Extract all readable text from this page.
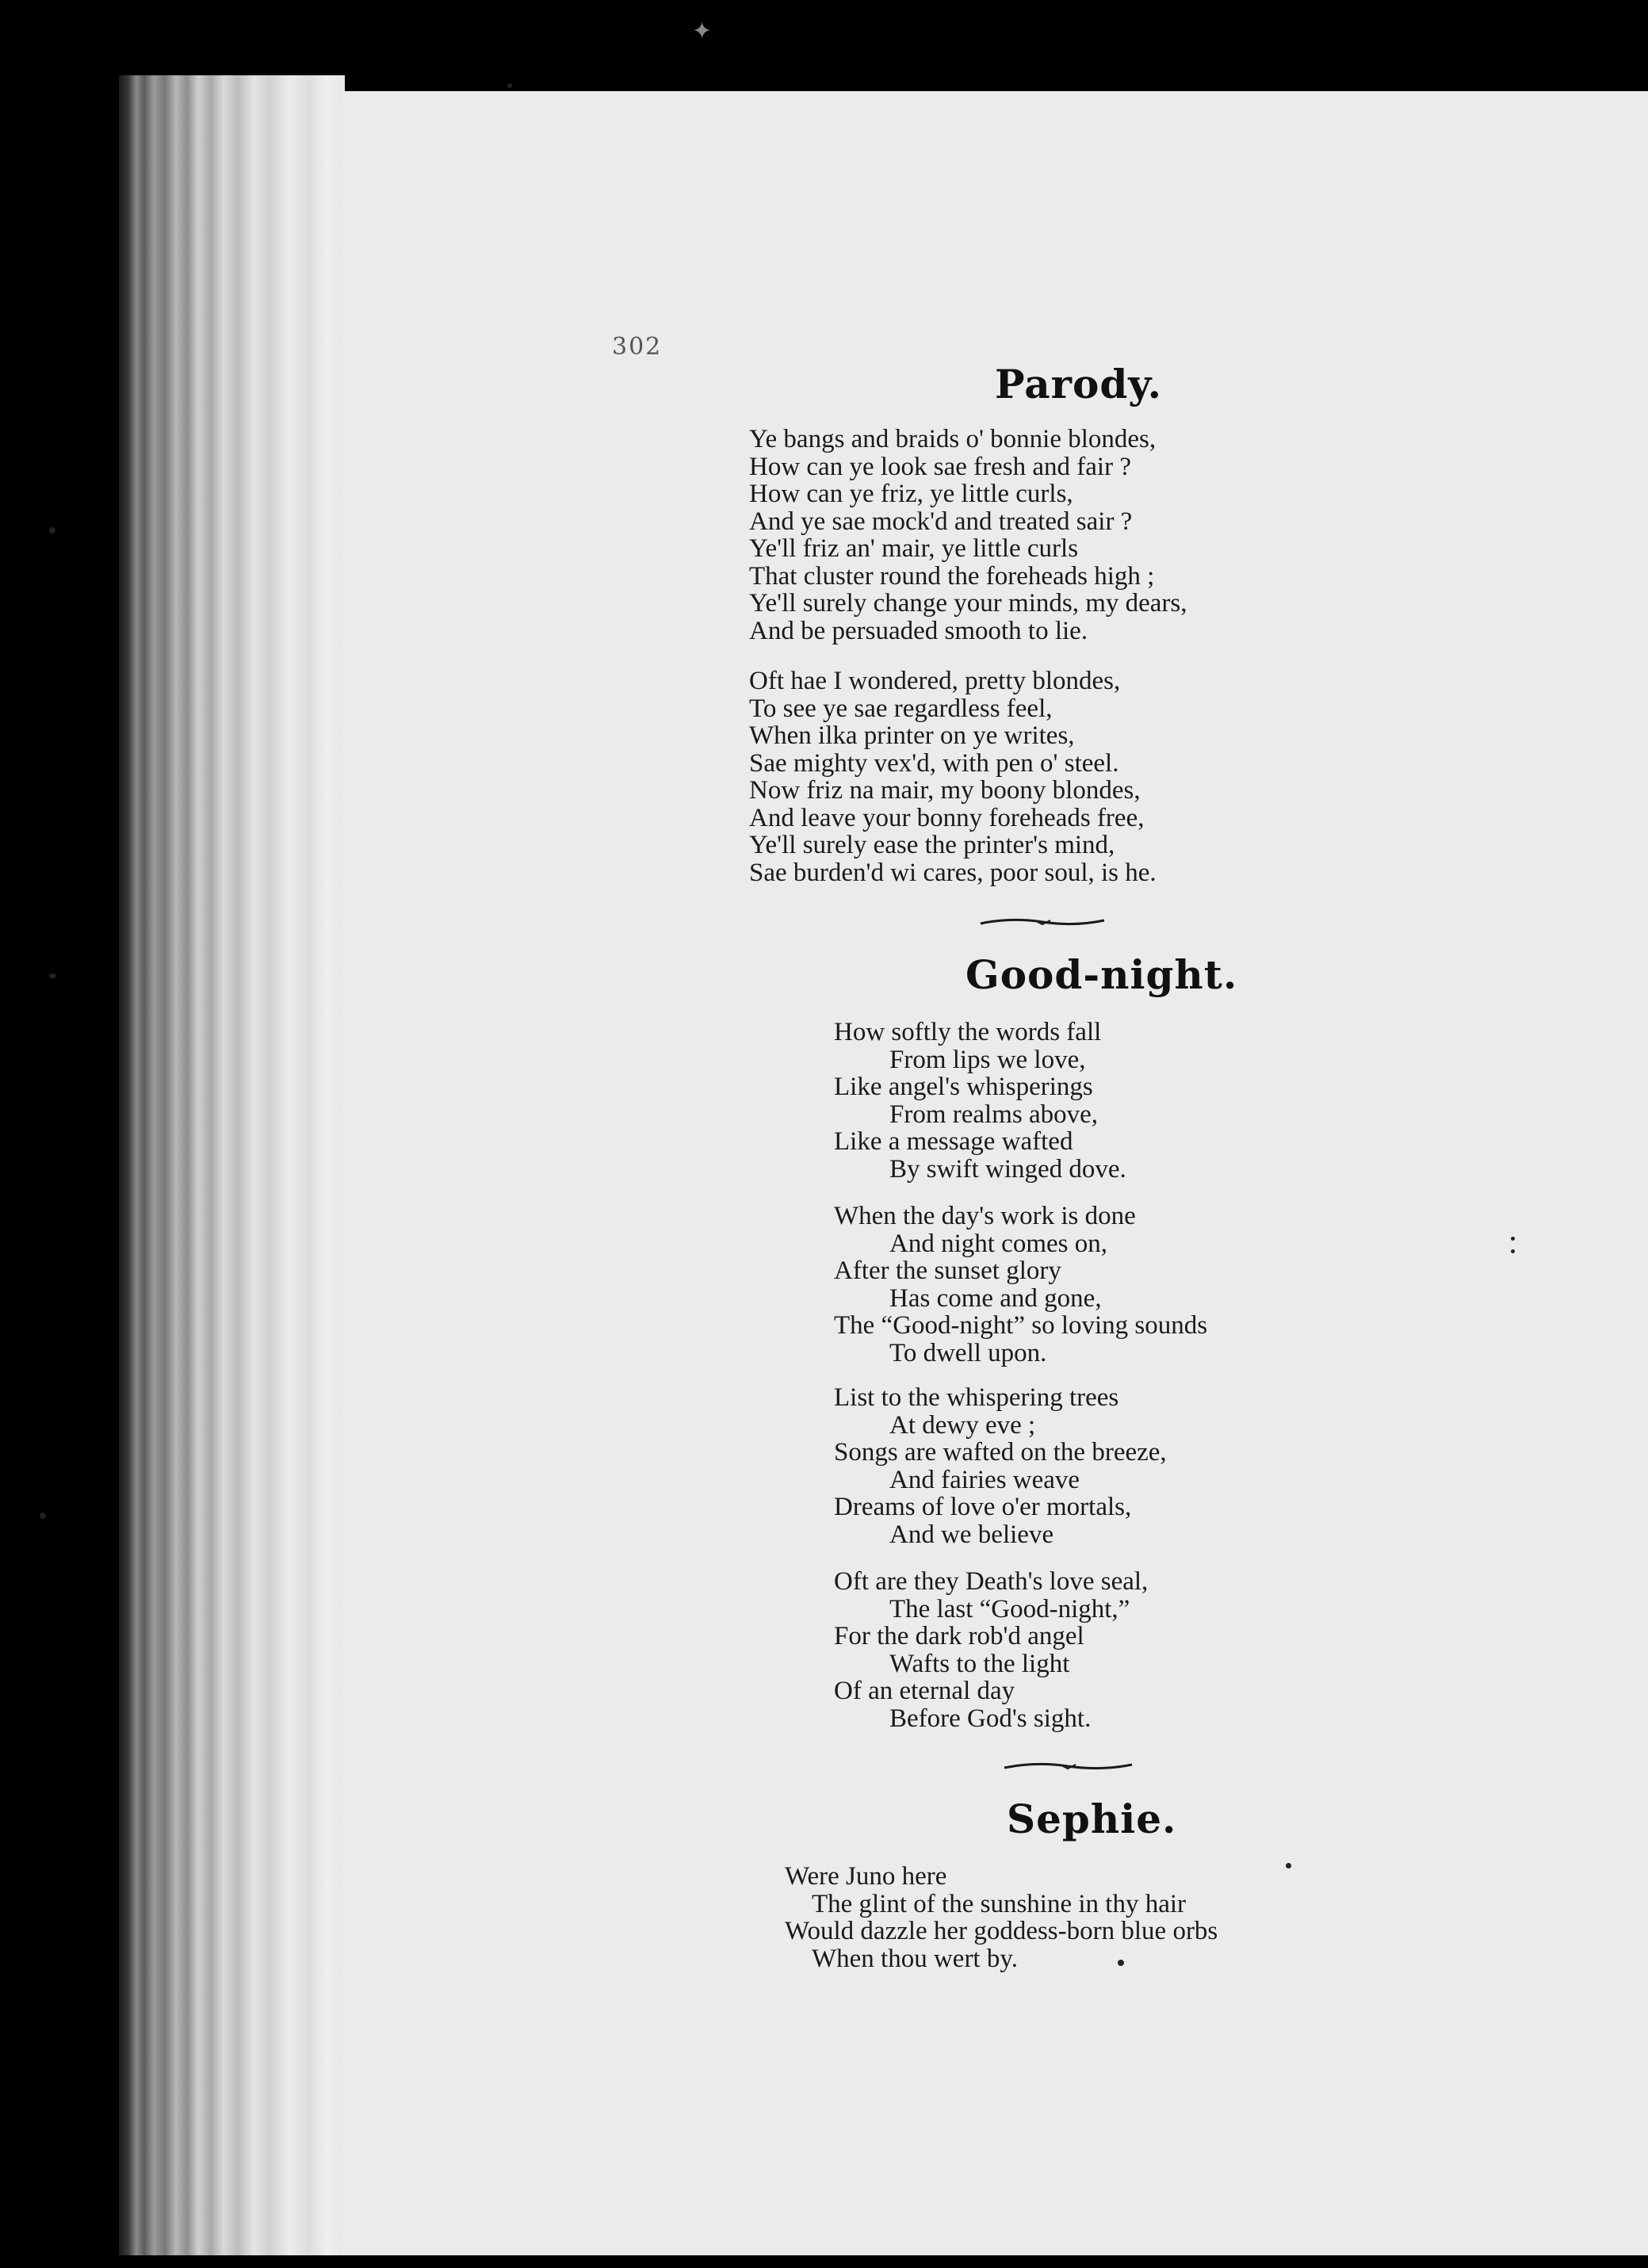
✦
302
Parody.
Ye bangs and braids o' bonnie blondes,
How can ye look sae fresh and fair ?
How can ye friz, ye little curls,
And ye sae mock'd and treated sair ?
Ye'll friz an' mair, ye little curls
That cluster round the foreheads high ;
Ye'll surely change your minds, my dears,
And be persuaded smooth to lie.
Oft hae I wondered, pretty blondes,
To see ye sae regardless feel,
When ilka printer on ye writes,
Sae mighty vex'd, with pen o' steel.
Now friz na mair, my boony blondes,
And leave your bonny foreheads free,
Ye'll surely ease the printer's mind,
Sae burden'd wi cares, poor soul, is he.
Good-night.
How softly the words fall
From lips we love,
Like angel's whisperings
From realms above,
Like a message wafted
By swift winged dove.
When the day's work is done
And night comes on,
After the sunset glory
Has come and gone,
The “Good-night” so loving sounds
To dwell upon.
List to the whispering trees
At dewy eve ;
Songs are wafted on the breeze,
And fairies weave
Dreams of love o'er mortals,
And we believe
Oft are they Death's love seal,
The last “Good-night,”
For the dark rob'd angel
Wafts to the light
Of an eternal day
Before God's sight.
Sephie.
Were Juno here
The glint of the sunshine in thy hair
Would dazzle her goddess-born blue orbs
When thou wert by.
